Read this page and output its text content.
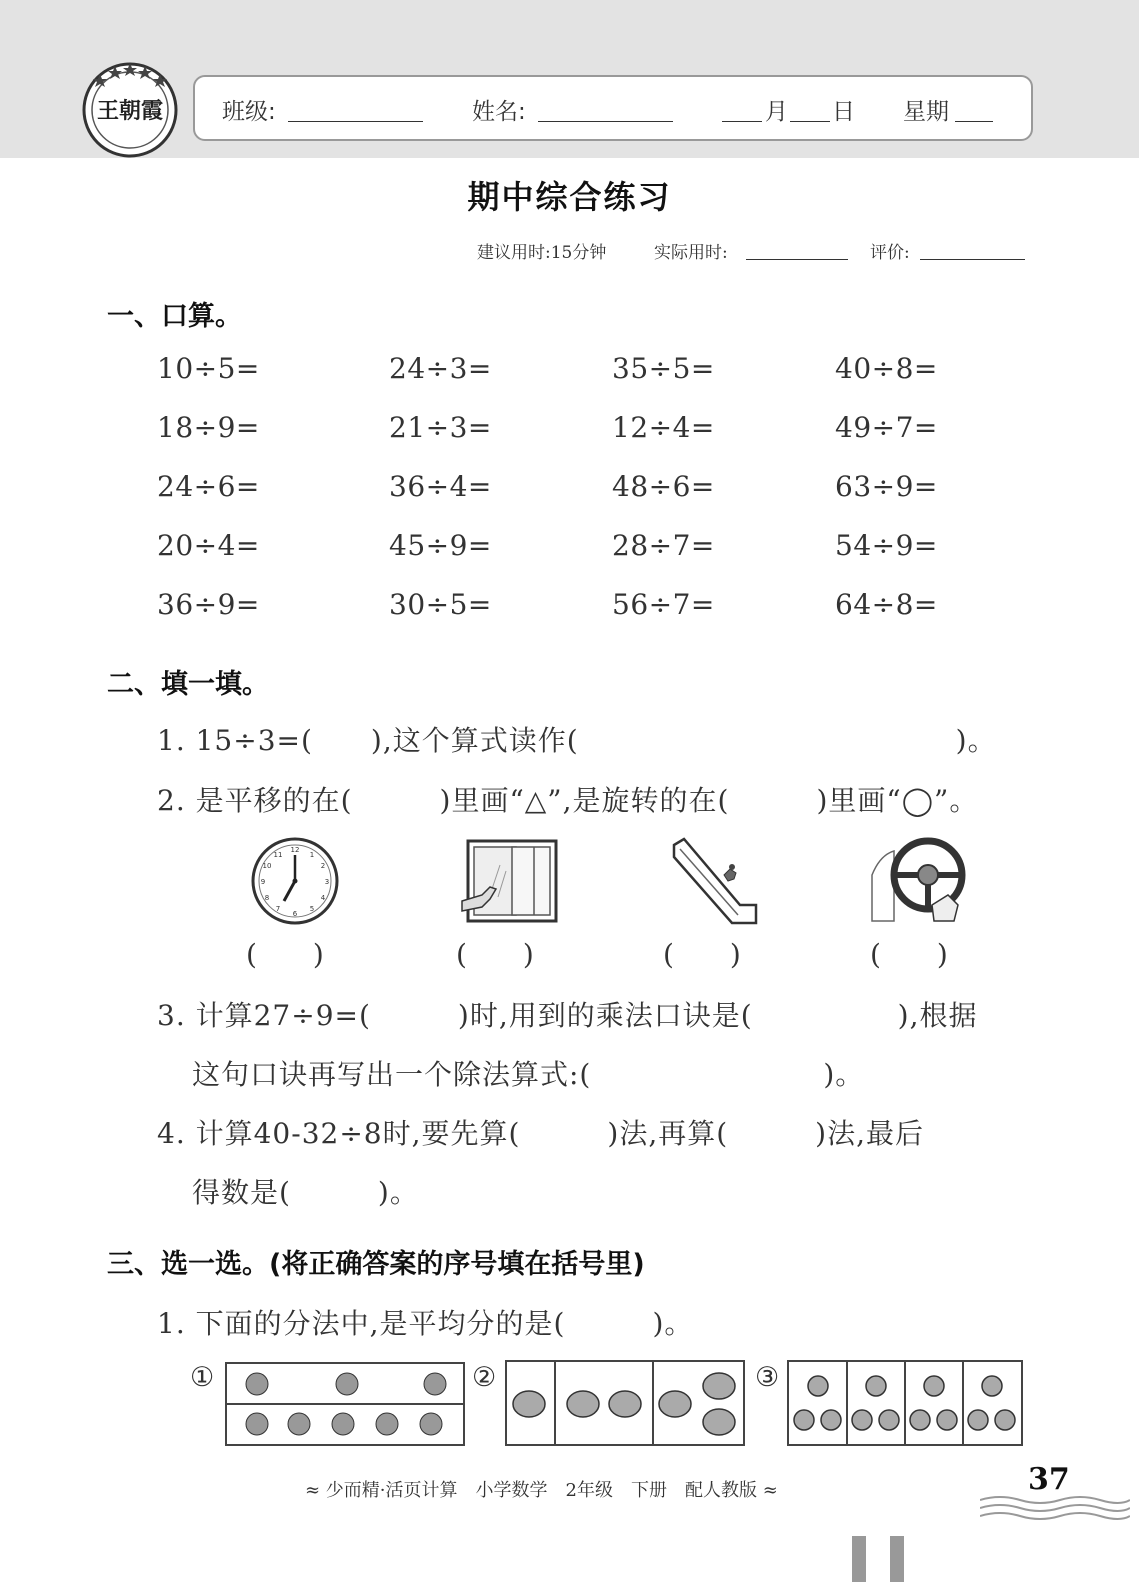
王朝霞	班级:	姓名:	月 日 星期
期中综合练习
建议用时:15分钟	实际用时:	评价:
一、口算。
10÷5=	24÷3=	35÷5=	40÷8=
18÷9=	21÷3=	12÷4=	49÷7=
24÷6=	36÷4=	48÷6=	63÷9=
20÷4=	45÷9=	28÷7=	54÷9=
36÷9=	30÷5=	56÷7=	64÷8=
二、填一填。
1. 15÷3=(　　),这个算式读作(　　　　　　　　　　　　　)。
2. 是平移的在(　　　)里画“△”,是旋转的在(　　　)里画“◯”。
12
1
2
3
4
5
6
7
8
9
10
11
(　　)	(　　)	(　　)	(　　)
3. 计算27÷9=(　　　)时,用到的乘法口诀是(　　　　　),根据
这句口诀再写出一个除法算式:(　　　　　　　　)。
4. 计算40-32÷8时,要先算(　　　)法,再算(　　　)法,最后
得数是(　　　)。
三、选一选。(将正确答案的序号填在括号里)
1. 下面的分法中,是平均分的是(　　　)。
①	②	③
≈ 少而精·活页计算　小学数学　2年级　下册　配人教版 ≈	37
